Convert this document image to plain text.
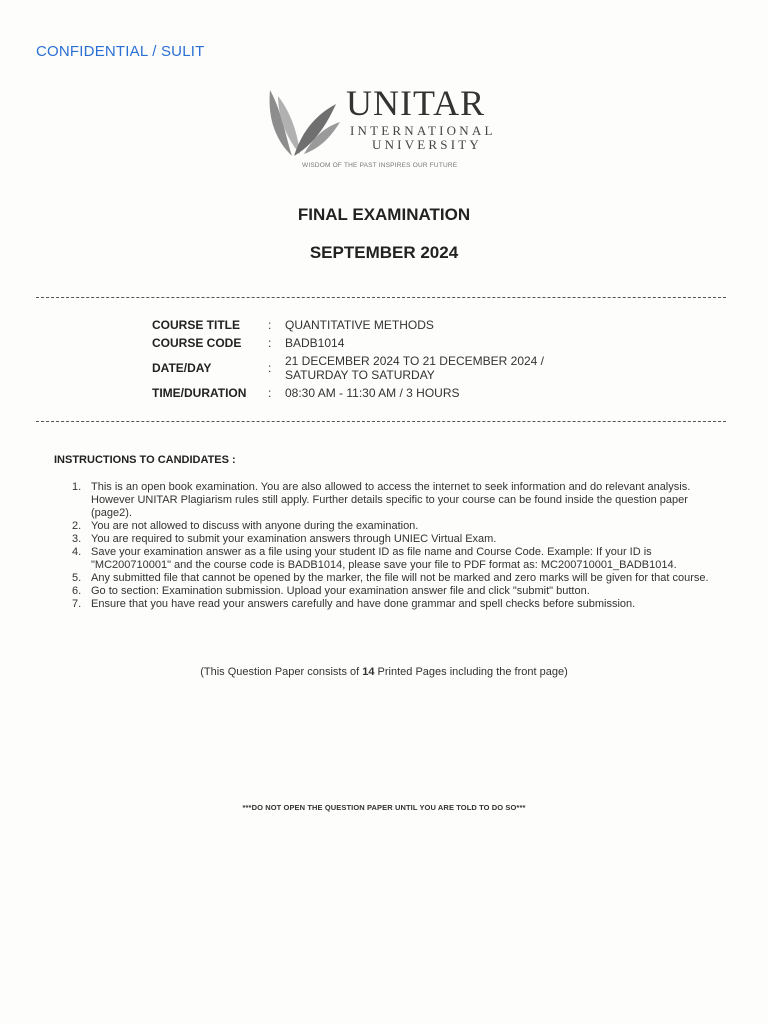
CONFIDENTIAL / SULIT
UNITAR
INTERNATIONAL
UNIVERSITY
WISDOM OF THE PAST INSPIRES OUR FUTURE
FINAL EXAMINATION
SEPTEMBER 2024
COURSE TITLE	: QUANTITATIVE METHODS
COURSE CODE	: BADB1014
DATE/DAY	: 21 DECEMBER 2024 TO 21 DECEMBER 2024 /
SATURDAY TO SATURDAY
TIME/DURATION	: 08:30 AM - 11:30 AM / 3 HOURS
INSTRUCTIONS TO CANDIDATES :
1. This is an open book examination. You are also allowed to access the internet to seek information and do relevant analysis. However UNITAR Plagiarism rules still apply. Further details specific to your course can be found inside the question paper (page2).
2. You are not allowed to discuss with anyone during the examination.
3. You are required to submit your examination answers through UNIEC Virtual Exam.
4. Save your examination answer as a file using your student ID as file name and Course Code. Example: If your ID is "MC200710001" and the course code is BADB1014, please save your file to PDF format as: MC200710001_BADB1014.
5. Any submitted file that cannot be opened by the marker, the file will not be marked and zero marks will be given for that course.
6. Go to section: Examination submission. Upload your examination answer file and click "submit" button.
7. Ensure that you have read your answers carefully and have done grammar and spell checks before submission.
(This Question Paper consists of 14 Printed Pages including the front page)
***DO NOT OPEN THE QUESTION PAPER UNTIL YOU ARE TOLD TO DO SO***
